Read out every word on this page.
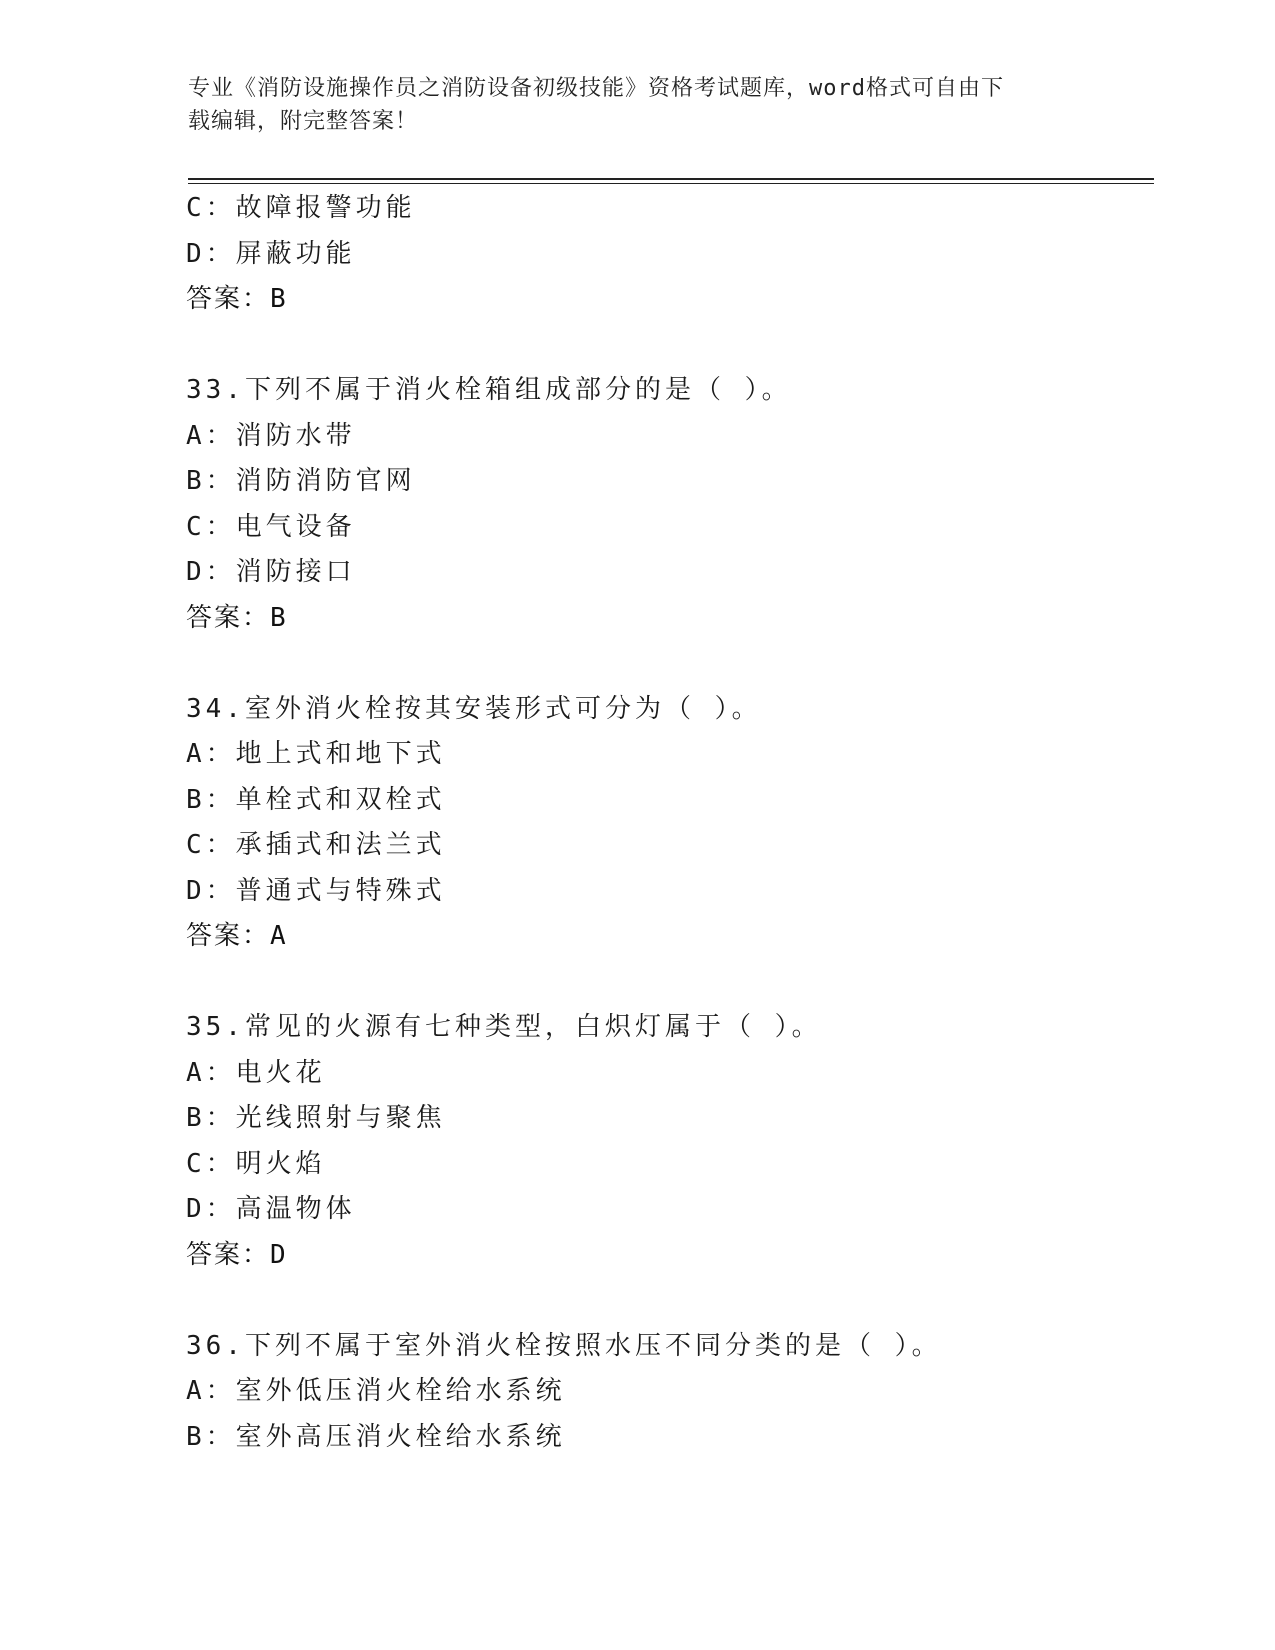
专业《消防设施操作员之消防设备初级技能》资格考试题库，word格式可自由下
载编辑，附完整答案！
C：故障报警功能
D：屏蔽功能
答案：B
33.下列不属于消火栓箱组成部分的是（ ）。
A：消防水带
B：消防消防官网
C：电气设备
D：消防接口
答案：B
34.室外消火栓按其安装形式可分为（ ）。
A：地上式和地下式
B：单栓式和双栓式
C：承插式和法兰式
D：普通式与特殊式
答案：A
35.常见的火源有七种类型，白炽灯属于（ ）。
A：电火花
B：光线照射与聚焦
C：明火焰
D：高温物体
答案：D
36.下列不属于室外消火栓按照水压不同分类的是（ ）。
A：室外低压消火栓给水系统
B：室外高压消火栓给水系统
